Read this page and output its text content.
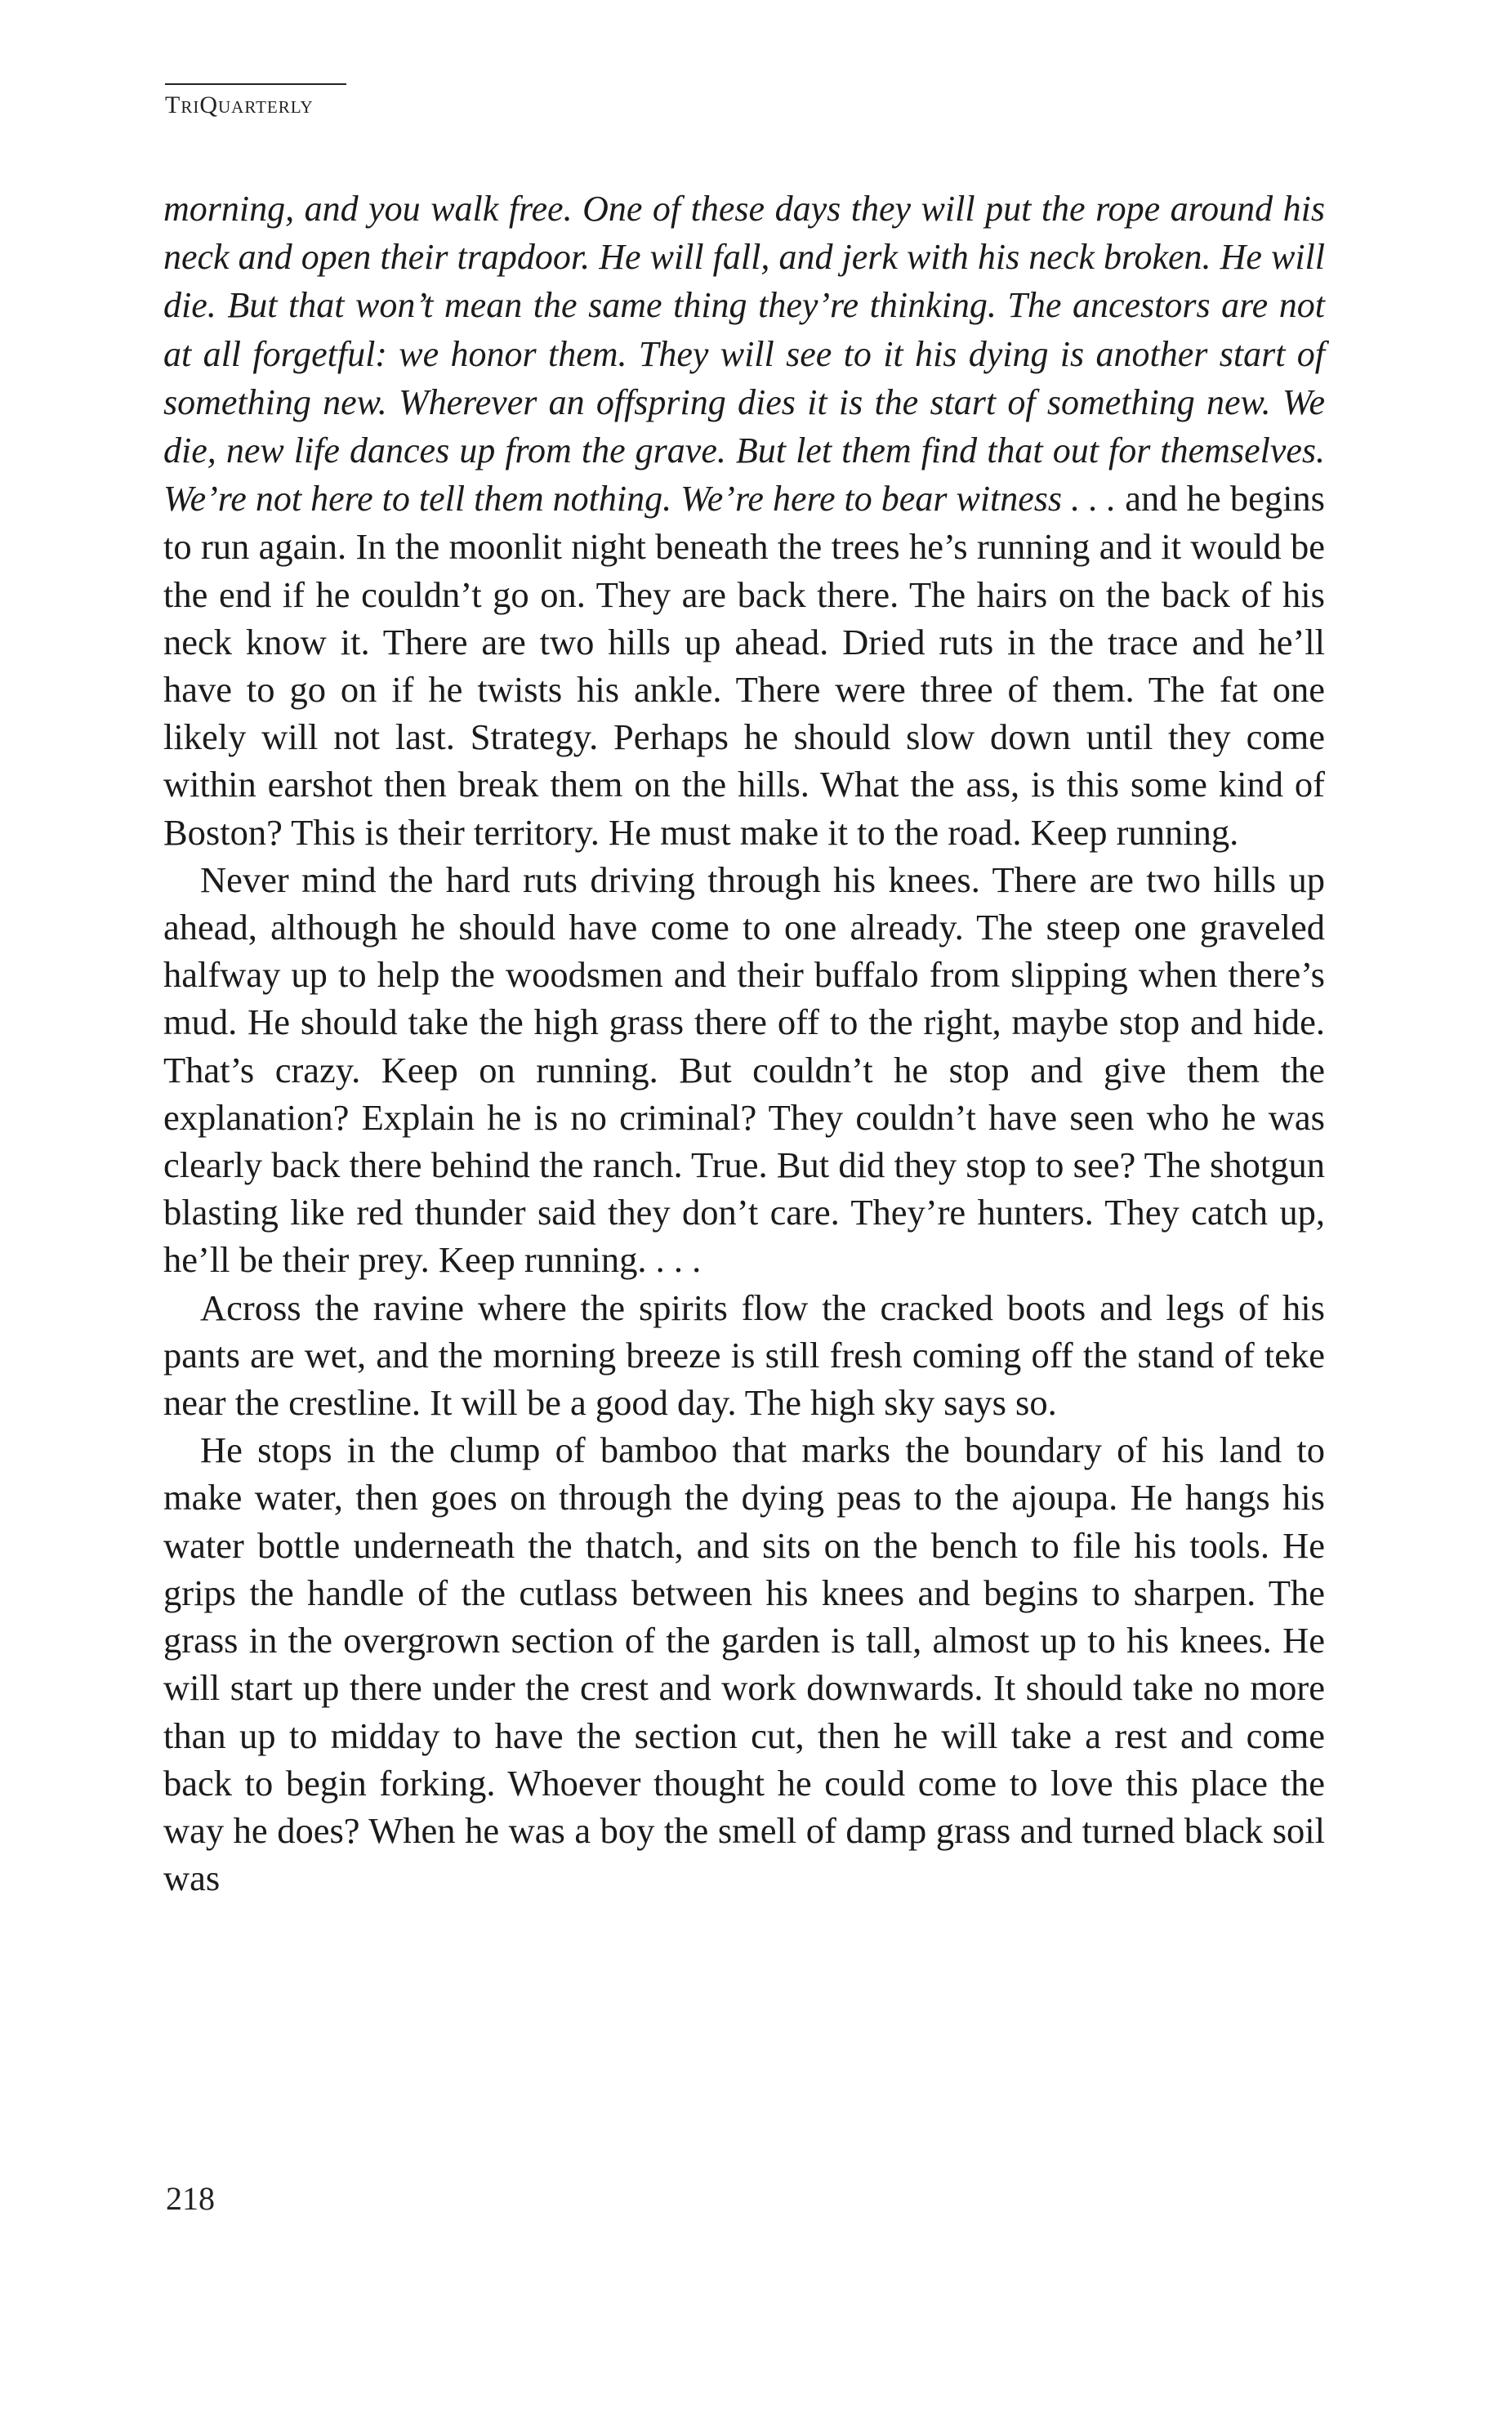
TriQuarterly

morning, and you walk free. One of these days they will put the rope around his neck and open their trapdoor. He will fall, and jerk with his neck broken. He will die. But that won’t mean the same thing they’re thinking. The ancestors are not at all forgetful: we honor them. They will see to it his dying is another start of something new. Wherever an offspring dies it is the start of something new. We die, new life dances up from the grave. But let them find that out for themselves. We’re not here to tell them nothing. We’re here to bear witness . . . and he begins to run again. In the moonlit night beneath the trees he’s running and it would be the end if he couldn’t go on. They are back there. The hairs on the back of his neck know it. There are two hills up ahead. Dried ruts in the trace and he’ll have to go on if he twists his ankle. There were three of them. The fat one likely will not last. Strategy. Perhaps he should slow down until they come within earshot then break them on the hills. What the ass, is this some kind of Boston? This is their territory. He must make it to the road. Keep running.

Never mind the hard ruts driving through his knees. There are two hills up ahead, although he should have come to one already. The steep one graveled halfway up to help the woodsmen and their buffalo from slipping when there’s mud. He should take the high grass there off to the right, maybe stop and hide. That’s crazy. Keep on running. But couldn’t he stop and give them the explanation? Explain he is no criminal? They couldn’t have seen who he was clearly back there behind the ranch. True. But did they stop to see? The shotgun blasting like red thunder said they don’t care. They’re hunters. They catch up, he’ll be their prey. Keep running. . . .

Across the ravine where the spirits flow the cracked boots and legs of his pants are wet, and the morning breeze is still fresh coming off the stand of teke near the crestline. It will be a good day. The high sky says so.

He stops in the clump of bamboo that marks the boundary of his land to make water, then goes on through the dying peas to the ajoupa. He hangs his water bottle underneath the thatch, and sits on the bench to file his tools. He grips the handle of the cutlass between his knees and begins to sharpen. The grass in the overgrown section of the garden is tall, almost up to his knees. He will start up there under the crest and work downwards. It should take no more than up to midday to have the section cut, then he will take a rest and come back to begin forking. Whoever thought he could come to love this place the way he does? When he was a boy the smell of damp grass and turned black soil was

218
